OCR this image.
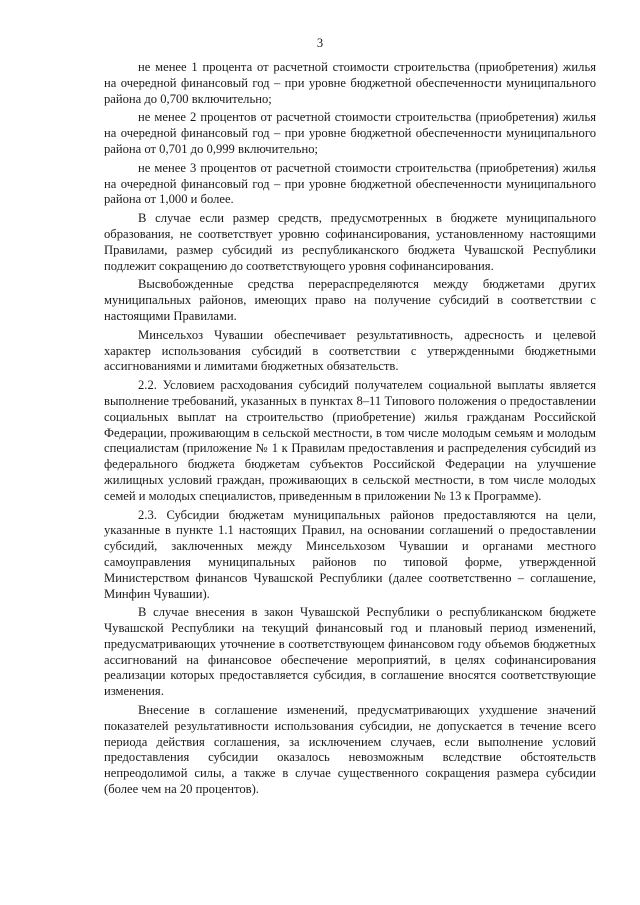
3

не менее 1 процента от расчетной стоимости строительства (приобретения) жилья на очередной финансовый год – при уровне бюджетной обеспеченности муниципального района до 0,700 включительно;

не менее 2 процентов от расчетной стоимости строительства (приобретения) жилья на очередной финансовый год – при уровне бюджетной обеспеченности муниципального района от 0,701 до 0,999 включительно;

не менее 3 процентов от расчетной стоимости строительства (приобретения) жилья на очередной финансовый год – при уровне бюджетной обеспеченности муниципального района от 1,000 и более.

В случае если размер средств, предусмотренных в бюджете муниципального образования, не соответствует уровню софинансирования, установленному настоящими Правилами, размер субсидий из республиканского бюджета Чувашской Республики подлежит сокращению до соответствующего уровня софинансирования.

Высвобожденные средства перераспределяются между бюджетами других муниципальных районов, имеющих право на получение субсидий в соответствии с настоящими Правилами.

Минсельхоз Чувашии обеспечивает результативность, адресность и целевой характер использования субсидий в соответствии с утвержденными бюджетными ассигнованиями и лимитами бюджетных обязательств.

2.2. Условием расходования субсидий получателем социальной выплаты является выполнение требований, указанных в пунктах 8–11 Типового положения о предоставлении социальных выплат на строительство (приобретение) жилья гражданам Российской Федерации, проживающим в сельской местности, в том числе молодым семьям и молодым специалистам (приложение № 1 к Правилам предоставления и распределения субсидий из федерального бюджета бюджетам субъектов Российской Федерации на улучшение жилищных условий граждан, проживающих в сельской местности, в том числе молодых семей и молодых специалистов, приведенным в приложении № 13 к Программе).

2.3. Субсидии бюджетам муниципальных районов предоставляются на цели, указанные в пункте 1.1 настоящих Правил, на основании соглашений о предоставлении субсидий, заключенных между Минсельхозом Чувашии и органами местного самоуправления муниципальных районов по типовой форме, утвержденной Министерством финансов Чувашской Республики (далее соответственно – соглашение, Минфин Чувашии).

В случае внесения в закон Чувашской Республики о республиканском бюджете Чувашской Республики на текущий финансовый год и плановый период изменений, предусматривающих уточнение в соответствующем финансовом году объемов бюджетных ассигнований на финансовое обеспечение мероприятий, в целях софинансирования реализации которых предоставляется субсидия, в соглашение вносятся соответствующие изменения.

Внесение в соглашение изменений, предусматривающих ухудшение значений показателей результативности использования субсидии, не допускается в течение всего периода действия соглашения, за исключением случаев, если выполнение условий предоставления субсидии оказалось невозможным вследствие обстоятельств непреодолимой силы, а также в случае существенного сокращения размера субсидии (более чем на 20 процентов).
